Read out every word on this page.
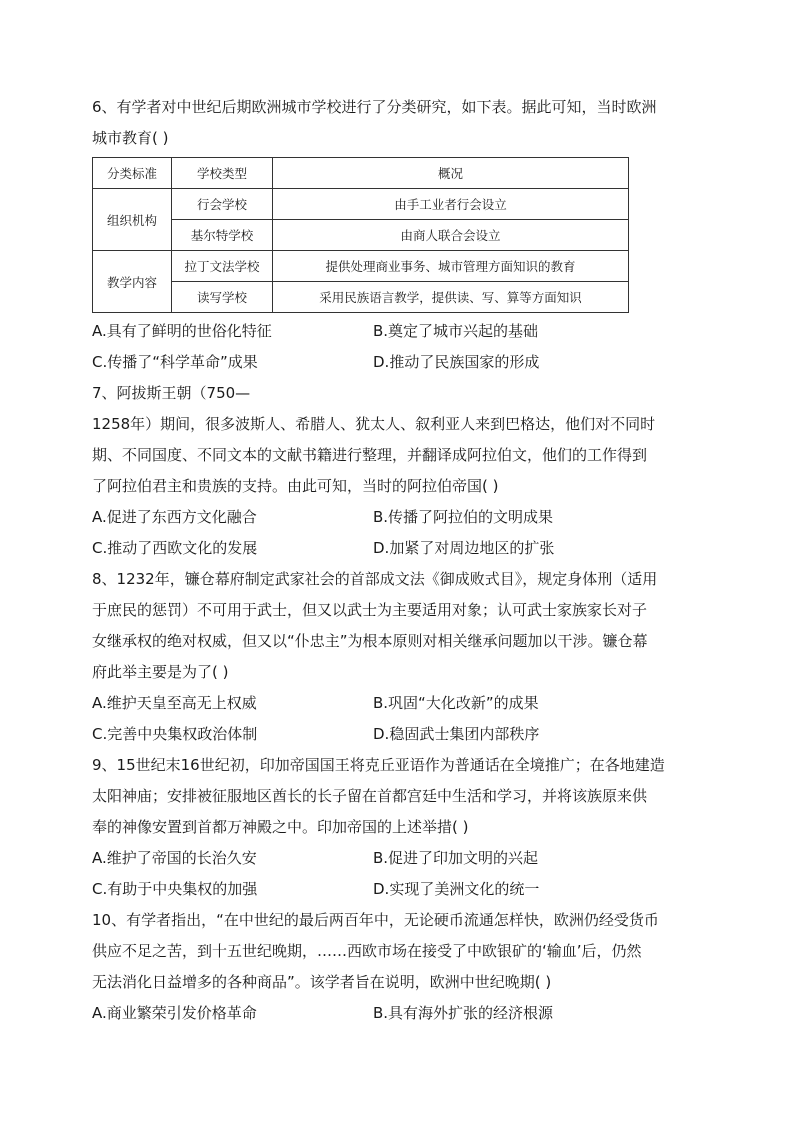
6、有学者对中世纪后期欧洲城市学校进行了分类研究，如下表。据此可知，当时欧洲

城市教育( )

分类标准	学校类型	概况
组织机构	行会学校	由手工业者行会设立
	基尔特学校	由商人联合会设立
教学内容	拉丁文法学校	提供处理商业事务、城市管理方面知识的教育
	读写学校	采用民族语言教学，提供读、写、算等方面知识
A.具有了鲜明的世俗化特征	B.奠定了城市兴起的基础
C.传播了“科学革命”成果	D.推动了民族国家的形成

7、阿拔斯王朝（750—

1258年）期间，很多波斯人、希腊人、犹太人、叙利亚人来到巴格达，他们对不同时

期、不同国度、不同文本的文献书籍进行整理，并翻译成阿拉伯文，他们的工作得到

了阿拉伯君主和贵族的支持。由此可知，当时的阿拉伯帝国( )

A.促进了东西方文化融合	B.传播了阿拉伯的文明成果
C.推动了西欧文化的发展	D.加紧了对周边地区的扩张

8、1232年，镰仓幕府制定武家社会的首部成文法《御成败式目》，规定身体刑（适用

于庶民的惩罚）不可用于武士，但又以武士为主要适用对象；认可武士家族家长对子

女继承权的绝对权威，但又以“仆忠主”为根本原则对相关继承问题加以干涉。镰仓幕

府此举主要是为了( )

A.维护天皇至高无上权威	B.巩固“大化改新”的成果
C.完善中央集权政治体制	D.稳固武士集团内部秩序

9、15世纪末16世纪初，印加帝国国王将克丘亚语作为普通话在全境推广；在各地建造

太阳神庙；安排被征服地区酋长的长子留在首都宫廷中生活和学习，并将该族原来供

奉的神像安置到首都万神殿之中。印加帝国的上述举措( )

A.维护了帝国的长治久安	B.促进了印加文明的兴起
C.有助于中央集权的加强	D.实现了美洲文化的统一

10、有学者指出，“在中世纪的最后两百年中，无论硬币流通怎样快，欧洲仍经受货币

供应不足之苦，到十五世纪晚期，……西欧市场在接受了中欧银矿的‘输血’后，仍然

无法消化日益增多的各种商品”。该学者旨在说明，欧洲中世纪晚期( )

A.商业繁荣引发价格革命	B.具有海外扩张的经济根源
